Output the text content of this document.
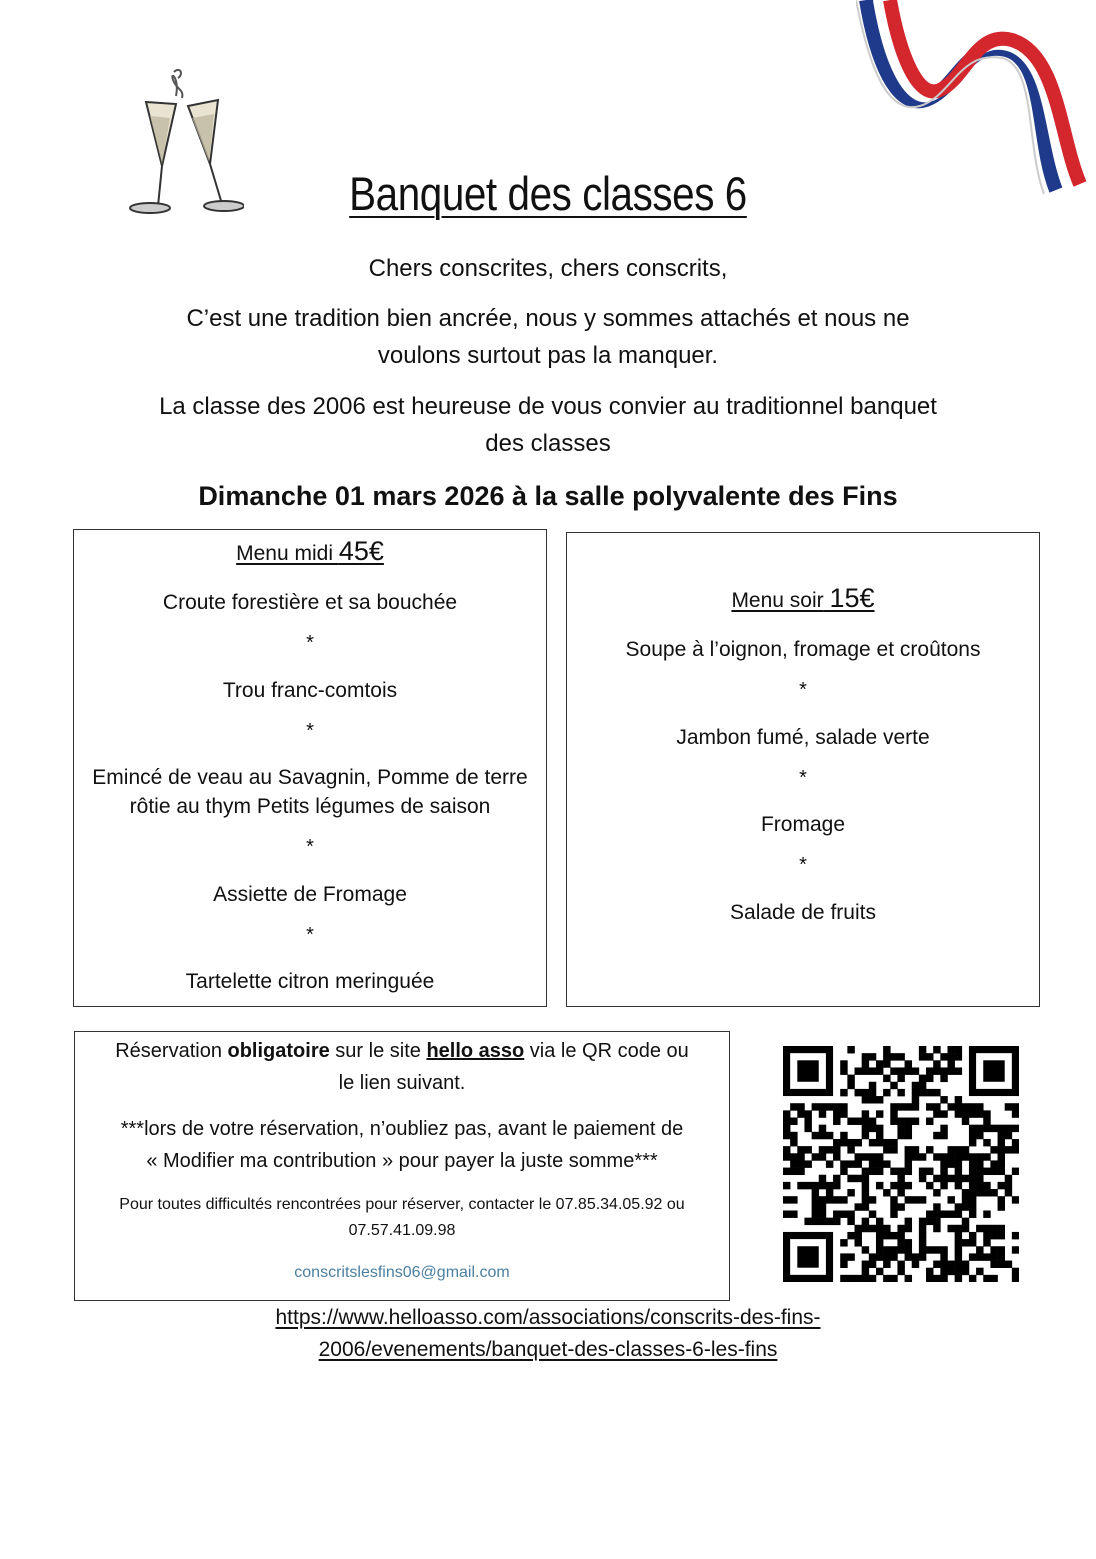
Banquet des classes 6
Chers conscrites, chers conscrits,
C’est une tradition bien ancrée, nous y sommes attachés et nous ne
voulons surtout pas la manquer.
La classe des 2006 est heureuse de vous convier au traditionnel banquet
des classes
Dimanche 01 mars 2026 à la salle polyvalente des Fins
Menu midi 45€
Croute forestière et sa bouchée
*
Trou franc-comtois
*
Emincé de veau au Savagnin, Pomme de terre
rôtie au thym Petits légumes de saison
*
Assiette de Fromage
*
Tartelette citron meringuée
Menu soir 15€
Soupe à l’oignon, fromage et croûtons
*
Jambon fumé, salade verte
*
Fromage
*
Salade de fruits
Réservation obligatoire sur le site hello asso via le QR code ou
le lien suivant.
***lors de votre réservation, n’oubliez pas, avant le paiement de
« Modifier ma contribution » pour payer la juste somme***
Pour toutes difficultés rencontrées pour réserver, contacter le 07.85.34.05.92 ou
07.57.41.09.98
conscritslesfins06@gmail.com
https://www.helloasso.com/associations/conscrits-des-fins-
2006/evenements/banquet-des-classes-6-les-fins
